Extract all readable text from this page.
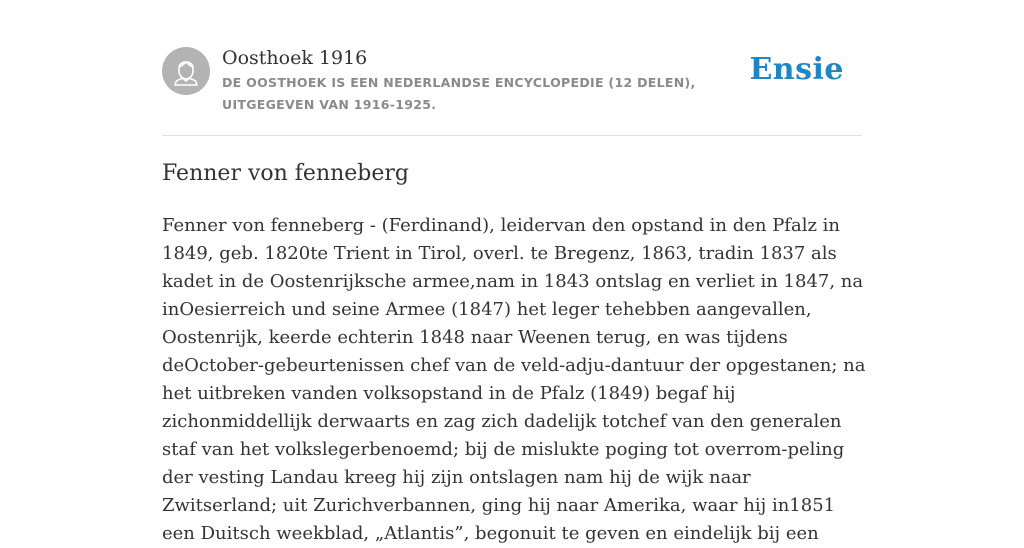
Oosthoek 1916
DE OOSTHOEK IS EEN NEDERLANDSE ENCYCLOPEDIE (12 DELEN), UITGEGEVEN VAN 1916-1925.
Ensie
Fenner von fenneberg

Fenner von fenneberg - (Ferdinand), leidervan den opstand in den Pfalz in 1849, geb. 1820te Trient in Tirol, overl. te Bregenz, 1863, tradin 1837 als kadet in de Oostenrijksche armee,nam in 1843 ontslag en verliet in 1847, na inOesierreich und seine Armee (1847) het leger tehebben aangevallen, Oostenrijk, keerde echterin 1848 naar Weenen terug, en was tijdens deOctober-gebeurtenissen chef van de veld-adju-dantuur der opgestanen; na het uitbreken vanden volksopstand in de Pfalz (1849) begaf hij zichonmiddellijk derwaarts en zag zich dadelijk totchef van den generalen staf van het volkslegerbenoemd; bij de mislukte poging tot overrom-peling der vesting Landau kreeg hij zijn ontslagen nam hij de wijk naar Zwitserland; uit Zurichverbannen, ging hij naar Amerika, waar hij in1851 een Duitsch weekblad, „Atlantis”, begonuit te geven en eindelijk bij een
